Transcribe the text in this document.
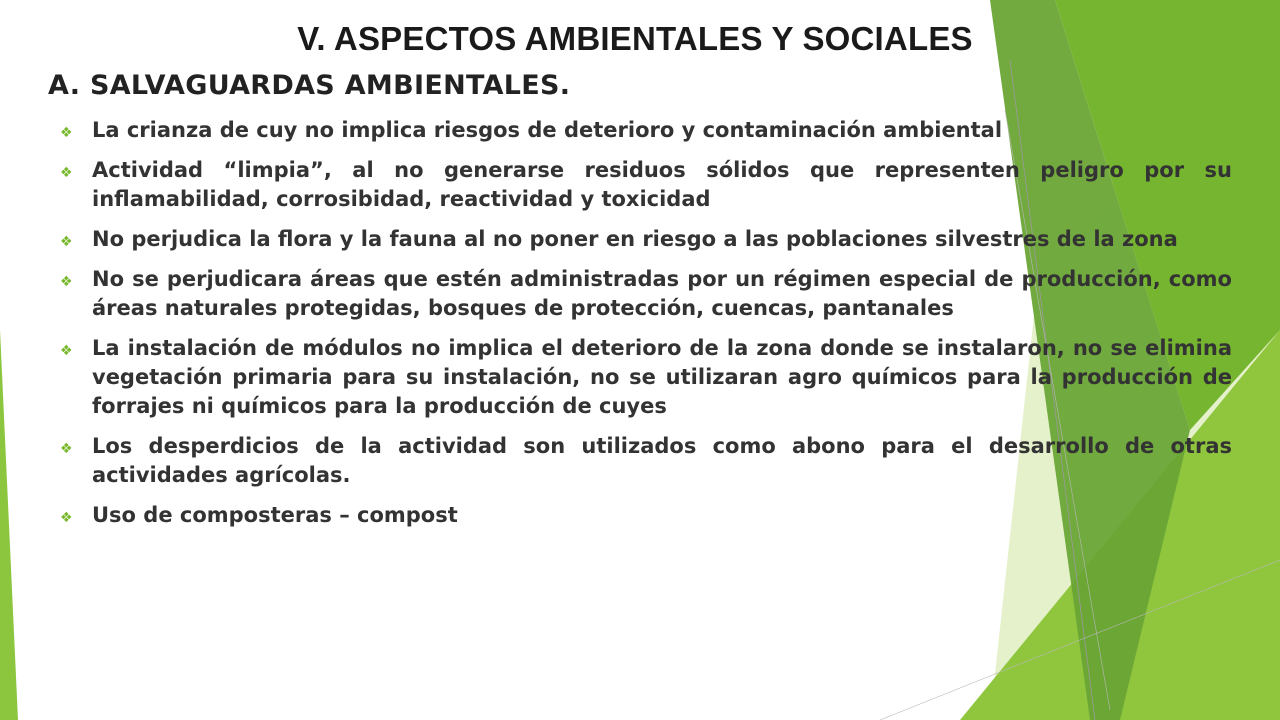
V. ASPECTOS AMBIENTALES Y SOCIALES
A. SALVAGUARDAS AMBIENTALES.
❖ La crianza de cuy no implica riesgos de deterioro y contaminación ambiental
❖ Actividad “limpia”, al no generarse residuos sólidos que representen peligro por su inflamabilidad, corrosibidad, reactividad y toxicidad
❖ No perjudica la flora y la fauna al no poner en riesgo a las poblaciones silvestres de la zona
❖ No se perjudicara áreas que estén administradas por un régimen especial de producción, como áreas naturales protegidas, bosques de protección, cuencas, pantanales
❖ La instalación de módulos no implica el deterioro de la zona donde se instalaron, no se elimina vegetación primaria para su instalación, no se utilizaran agro químicos para la producción de forrajes ni químicos para la producción de cuyes
❖ Los desperdicios de la actividad son utilizados como abono para el desarrollo de otras actividades agrícolas.
❖ Uso de composteras – compost
